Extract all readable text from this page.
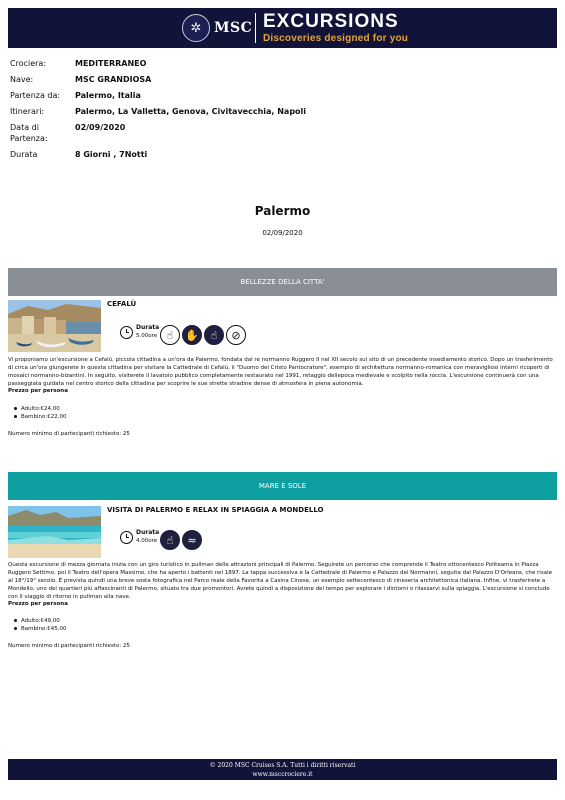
✲ MSC EXCURSIONS
Discoveries designed for you
Crociera:	MEDITERRANEO
Nave:	MSC GRANDIOSA
Partenza da:	Palermo, Italia
Itinerari:	Palermo, La Valletta, Genova, Civitavecchia, Napoli
Data di
Partenza:
02/09/2020
Durata	8 Giorni , 7Notti
Palermo
02/09/2020
BELLEZZE DELLA CITTA'
CEFALÙ
Durata
5.00ore ☝	✋	☝	⊘
Vi proponiamo un'escursione a Cefalù, piccola cittadina a un'ora da Palermo, fondata dal re normanno Ruggero II nel XII secolo sul sito di un precedente insediamento storico. Dopo un trasferimento di circa un'ora giungerete in questa cittadina per visitare la Cattedrale di Cefalù, il "Duomo del Cristo Pantocratore", esempio di architettura normanno-romanica con meravigliosi interni ricoperti di mosaici normanno-bizantini. In seguito, visiterete il lavatoio pubblico completamente restaurato nel 1991, retaggio dellepoca medievale e scolpito nella roccia. L'escursione continuerà con una passeggiata guidata nel centro storico della cittadina per scoprire le sue strette stradine dense di atmosfera in piena autonomia.
Prezzo per persona
Adulto:€24,00
Bambino:€22,00
Numero minimo di partecipanti richiesto: 25
MARE E SOLE
VISITA DI PALERMO E RELAX IN SPIAGGIA A MONDELLO
Durata
4.00ore ☝	≈
Questa escursione di mezza giornata inizia con un giro turistico in pullman delle attrazioni principali di Palermo. Seguirete un percorso che comprende il Teatro ottocentesco Politeama in Piazza Ruggero Settimo, poi il Teatro dell'opera Massimo, che ha aperto i battenti nel 1897. La tappa successiva è la Cattedrale di Palermo e Palazzo dei Normanni, seguita dal Palazzo D'Orleans, che risale al 18°/19° secolo. È prevista quindi una breve sosta fotografica nel Parco reale della Favorita a Casina Cinese, un esempio settecentesco di cineseria architettonica italiana. Infine, vi trasferirete a Mondello, uno dei quartieri più affascinanti di Palermo, situato tra due promontori. Avrete quindi a disposizione del tempo per esplorare i dintorni o rilassarvi sulla spiaggia. L'escursione si conclude con il viaggio di ritorno in pullman alla nave.
Prezzo per persona
Adulto:€49,00
Bambino:€45,00
Numero minimo di partecipanti richiesto: 25
© 2020 MSC Cruises S.A. Tutti i diritti riservati
www.msccrociere.it
